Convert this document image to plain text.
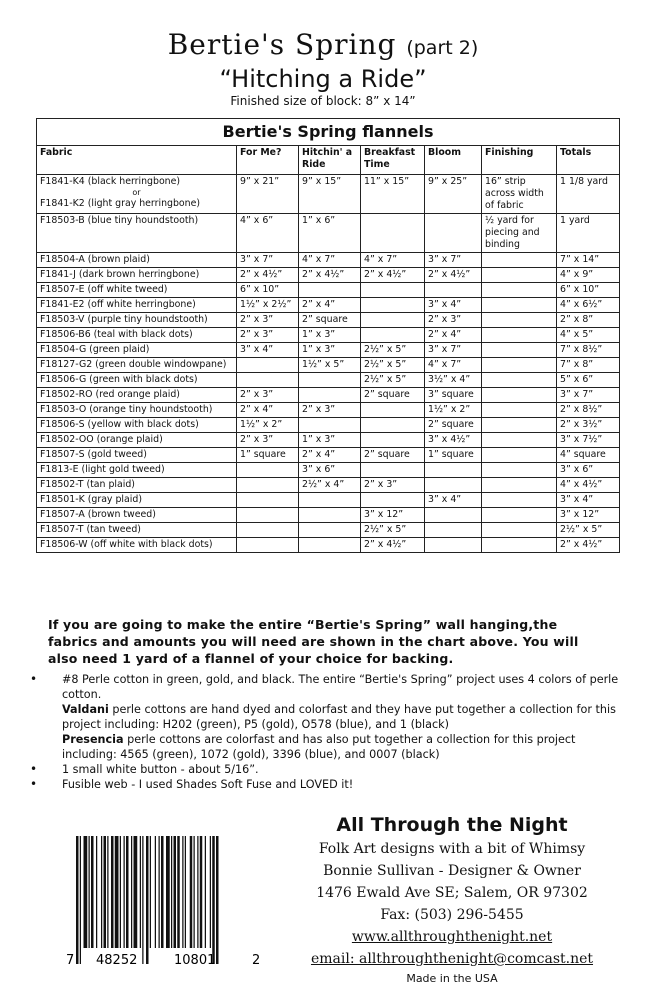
Bertie's Spring (part 2)
“Hitching a Ride”
Finished size of block: 8” x 14”
Bertie's Spring flannels						
Fabric	For Me?	Hitchin' a Ride	Breakfast Time	Bloom	Finishing	Totals

F1841-K4 (black herringbone)
or
F1841-K2 (light gray herringbone)	9” x 21”	9” x 15”	11” x 15”	9” x 25”	16” strip across width of fabric	1 1/8 yard
F18503-B (blue tiny houndstooth)	4” x 6”	1” x 6”			½ yard for piecing and binding	1 yard
F18504-A (brown plaid)	3” x 7”	4” x 7”	4” x 7”	3” x 7”		7” x 14”
F1841-J (dark brown herringbone)	2” x 4½”	2” x 4½”	2” x 4½”	2” x 4½”		4” x 9”
F18507-E (off white tweed)	6” x 10”					6” x 10”
F1841-E2 (off white herringbone)	1½” x 2½”	2” x 4”		3” x 4”		4” x 6½”
F18503-V (purple tiny houndstooth)	2” x 3”	2” square		2” x 3”		2” x 8”
F18506-B6 (teal with black dots)	2” x 3”	1” x 3”		2” x 4”		4” x 5”
F18504-G (green plaid)	3” x 4”	1” x 3”	2½” x 5”	3” x 7”		7” x 8½”
F18127-G2 (green double windowpane)		1½” x 5”	2½” x 5”	4” x 7”		7” x 8”
F18506-G (green with black dots)			2½” x 5”	3½” x 4”		5” x 6”
F18502-RO (red orange plaid)	2” x 3”		2” square	3” square		3” x 7”
F18503-O (orange tiny houndstooth)	2” x 4”	2” x 3”		1½” x 2”		2” x 8½”
F18506-S (yellow with black dots)	1½” x 2”			2” square		2” x 3½”
F18502-OO (orange plaid)	2” x 3”	1” x 3”		3” x 4½”		3” x 7½”
F18507-S (gold tweed)	1” square	2” x 4”	2” square	1” square		4” square
F1813-E (light gold tweed)		3” x 6”				3” x 6”
F18502-T (tan plaid)		2½” x 4”	2” x 3”			4” x 4½”
F18501-K (gray plaid)				3” x 4”		3” x 4”
F18507-A (brown tweed)			3” x 12”			3” x 12”
F18507-T (tan tweed)			2½” x 5”			2½” x 5”
F18506-W (off white with black dots)			2” x 4½”			2” x 4½”
If you are going to make the entire “Bertie's Spring” wall hanging,the fabrics and amounts you will need are shown in the chart above. You will also need 1 yard of a flannel of your choice for backing.
•	#8 Perle cotton in green, gold, and black. The entire “Bertie's Spring” project uses 4 colors of perle cotton.

Valdani perle cottons are hand dyed and colorfast and they have put together a collection for this project including: H202 (green), P5 (gold), O578 (blue), and 1 (black)

Presencia perle cottons are colorfast and has also put together a collection for this project including: 4565 (green), 1072 (gold), 3396 (blue), and 0007 (black)

•	1 small white button - about 5/16”.

•	Fusible web - I used Shades Soft Fuse and LOVED it!

7 48252	10801	2
All Through the Night
Folk Art designs with a bit of Whimsy
Bonnie Sullivan - Designer & Owner
1476 Ewald Ave SE; Salem, OR 97302
Fax: (503) 296-5455
www.allthroughthenight.net
email: allthroughthenight@comcast.net
Made in the USA
